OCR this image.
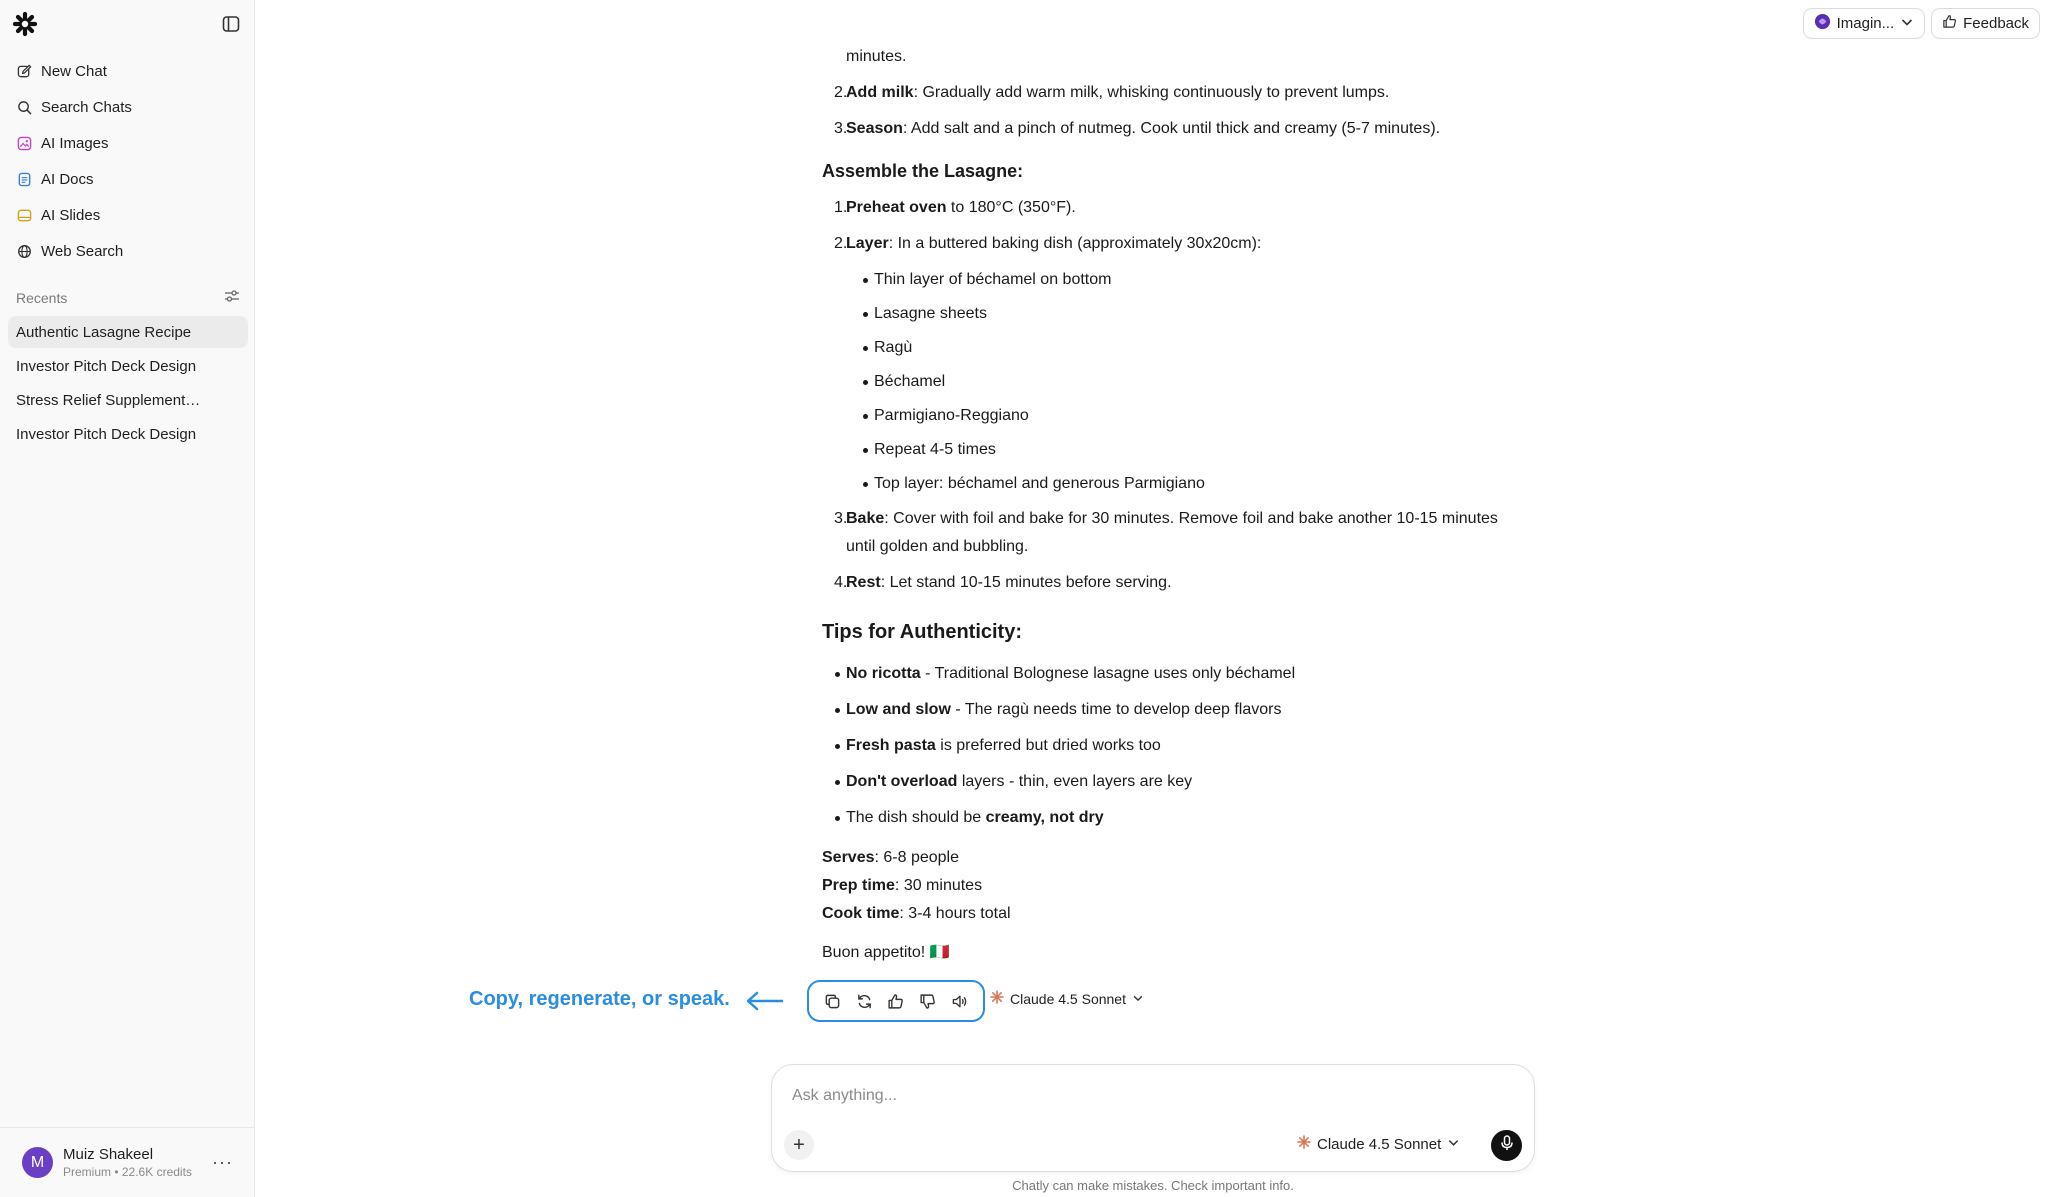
New Chat
Search Chats
AI Images
AI Docs
AI Slides
Web Search
Recents
Authentic Lasagne Recipe
Investor Pitch Deck Design
Stress Relief Supplement…
Investor Pitch Deck Design
M	Muiz Shakeel
Premium • 22.6K credits ···
Imagin...	Feedback
minutes.
2.
Add milk: Gradually add warm milk, whisking continuously to prevent lumps.
3.
Season: Add salt and a pinch of nutmeg. Cook until thick and creamy (5-7 minutes).
Assemble the Lasagne:
1.
Preheat oven to 180°C (350°F).
2.
Layer: In a buttered baking dish (approximately 30x20cm):
Thin layer of béchamel on bottom
Lasagne sheets
Ragù
Béchamel
Parmigiano-Reggiano
Repeat 4-5 times
Top layer: béchamel and generous Parmigiano
3.
Bake: Cover with foil and bake for 30 minutes. Remove foil and bake another 10-15 minutes
until golden and bubbling.
4.
Rest: Let stand 10-15 minutes before serving.
Tips for Authenticity:
No ricotta - Traditional Bolognese lasagne uses only béchamel
Low and slow - The ragù needs time to develop deep flavors
Fresh pasta is preferred but dried works too
Don't overload layers - thin, even layers are key
The dish should be creamy, not dry
Serves: 6-8 people
Prep time: 30 minutes
Cook time: 3-4 hours total
Buon appetito! 🇮🇹
Copy, regenerate, or speak.	Claude 4.5 Sonnet
Ask anything...
+	Claude 4.5 Sonnet
Chatly can make mistakes. Check important info.
